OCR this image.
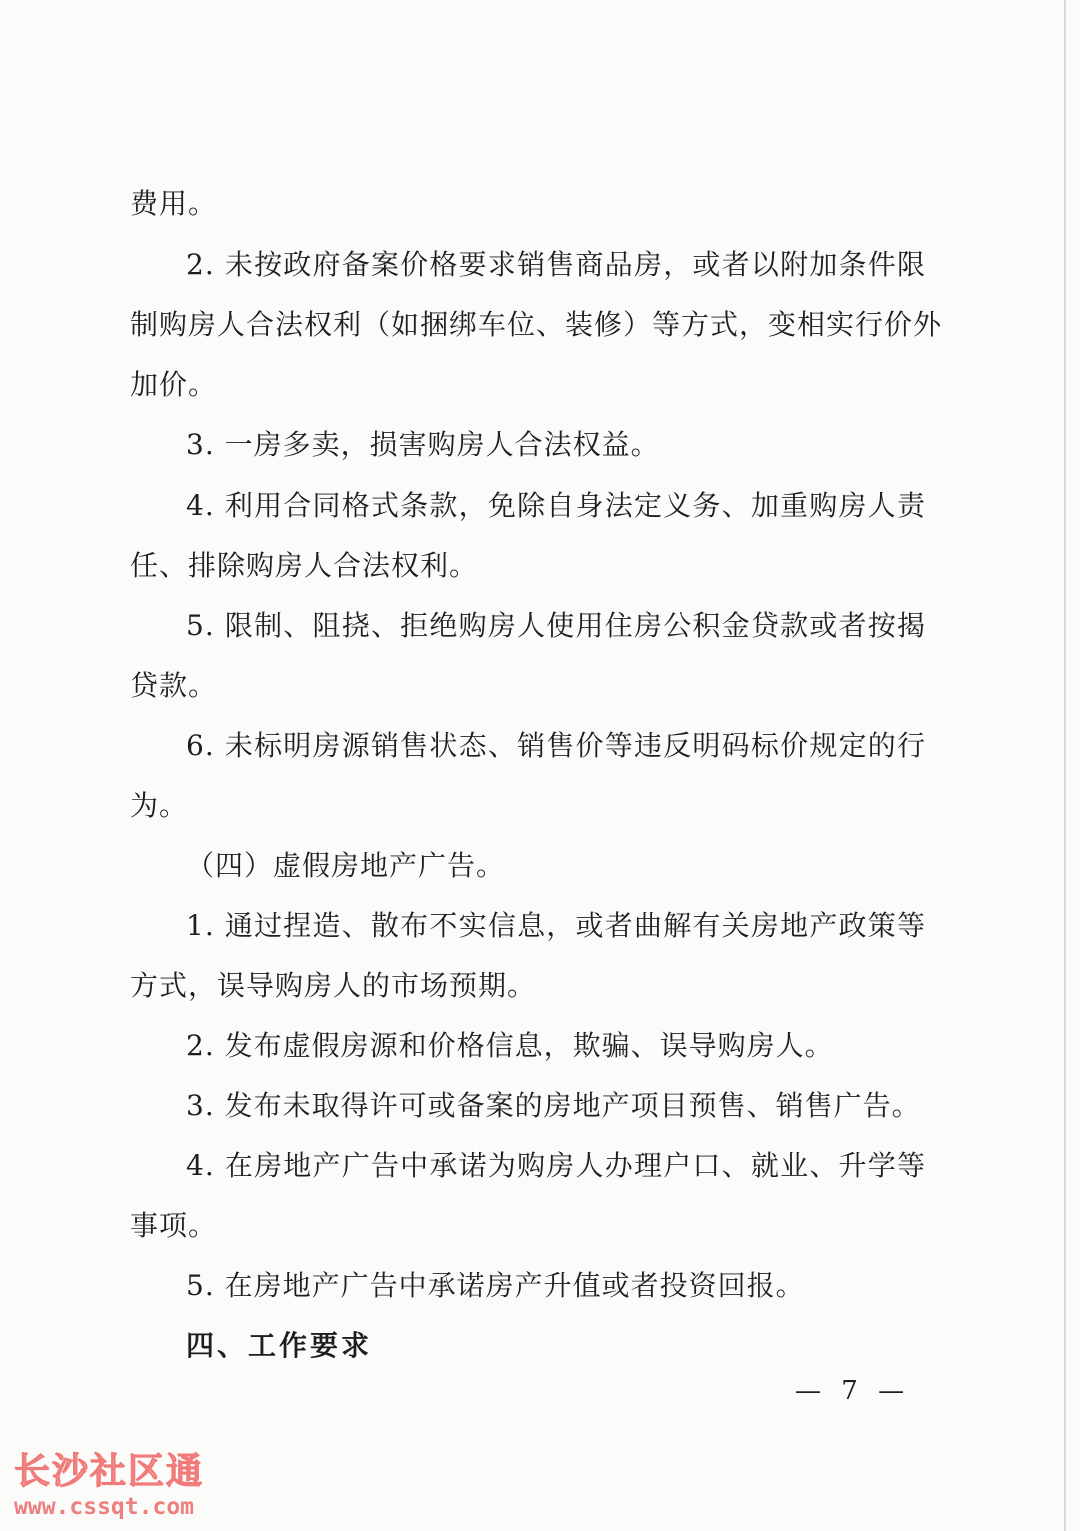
费用。
2. 未按政府备案价格要求销售商品房，或者以附加条件限
制购房人合法权利（如捆绑车位、装修）等方式，变相实行价外
加价。
3. 一房多卖，损害购房人合法权益。
4. 利用合同格式条款，免除自身法定义务、加重购房人责
任、排除购房人合法权利。
5. 限制、阻挠、拒绝购房人使用住房公积金贷款或者按揭
贷款。
6. 未标明房源销售状态、销售价等违反明码标价规定的行
为。
（四）虚假房地产广告。
1. 通过捏造、散布不实信息，或者曲解有关房地产政策等
方式，误导购房人的市场预期。
2. 发布虚假房源和价格信息，欺骗、误导购房人。
3. 发布未取得许可或备案的房地产项目预售、销售广告。
4. 在房地产广告中承诺为购房人办理户口、就业、升学等
事项。
5. 在房地产广告中承诺房产升值或者投资回报。
四、工作要求
— 7 —
长沙社区通
www.cssqt.com
